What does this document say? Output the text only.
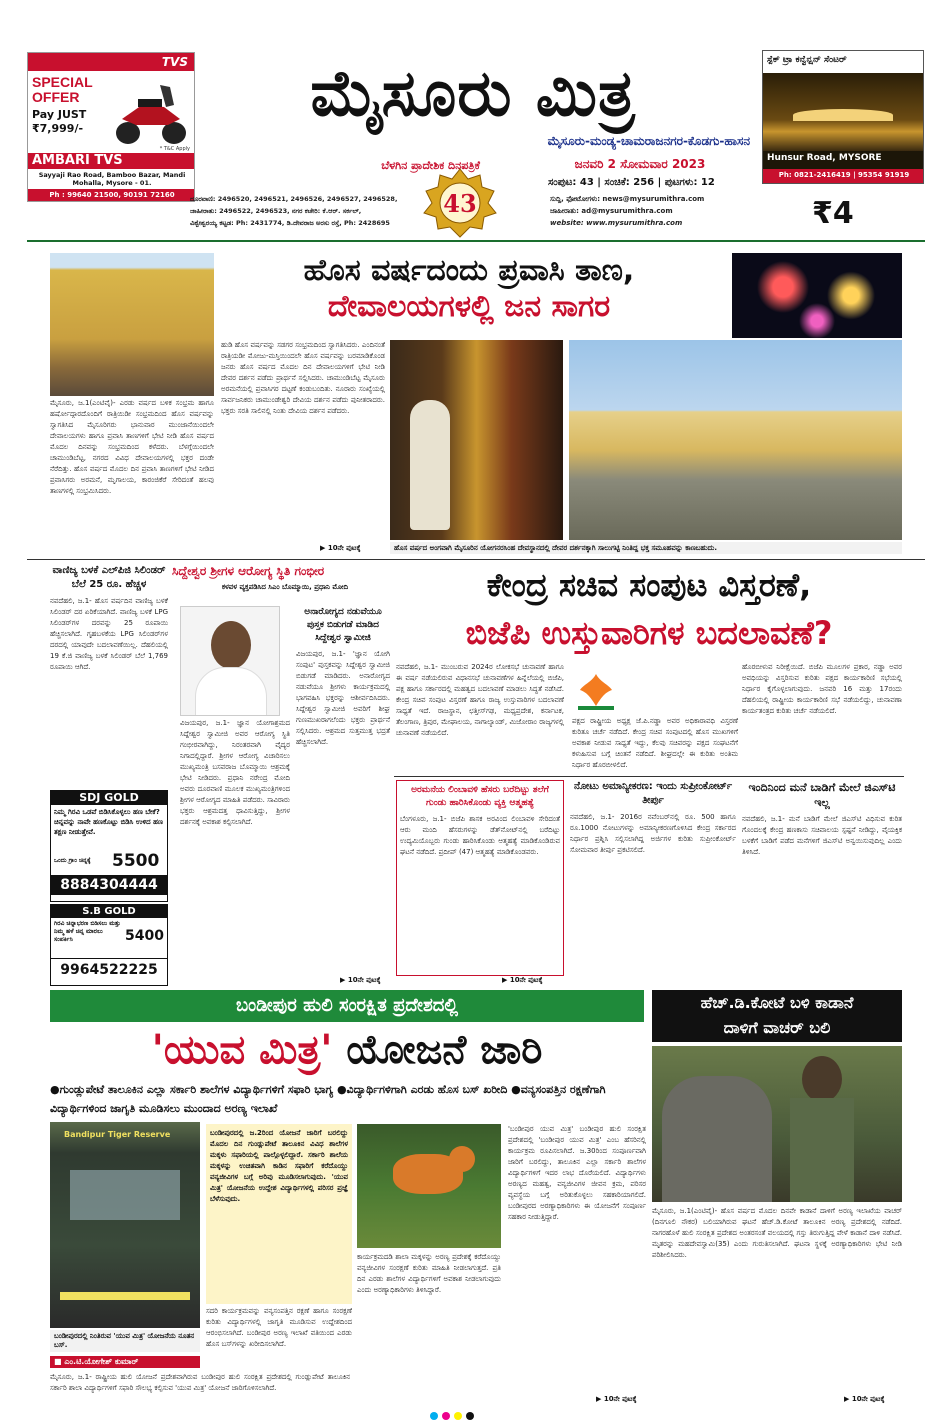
TVS
SPECIAL OFFER
Pay JUST ₹7,999/-
* T&C Apply
AMBARI TVS
Sayyaji Rao Road, Bamboo Bazar, Mandi Mohalla, Mysore - 01.
Ph : 99640 21500, 90191 72160
ಮೈಸೂರು ಮಿತ್ರ
ಮೈಸೂರು-ಮಂಡ್ಯ-ಚಾಮರಾಜನಗರ-ಕೊಡಗು-ಹಾಸನ
ಬೆಳಗಿನ ಪ್ರಾದೇಶಿಕ ದಿನಪತ್ರಿಕೆ	ಜನವರಿ 2 ಸೋಮವಾರ 2023
43
ಸಂಪುಟ: 43 | ಸಂಚಿಕೆ: 256 | ಪುಟಗಳು: 12
ದೂರವಾಣಿ: 2496520, 2496521, 2496526, 2496527, 2496528,
ಜಾಹೀರಾತು: 2496522, 2496523, ನಗರ ಕಚೇರಿ: ಕೆ.ಆರ್. ಸರ್ಕಲ್,
ವಿಶ್ವೇಶ್ವರಯ್ಯ ಕಟ್ಟಡ: Ph: 2431774, ಡಿ.ದೇವರಾಜ ಅರಸು ರಸ್ತೆ, Ph: 2428695
ಸುದ್ದಿ, ಫೋಟೋಗಳು: news@mysurumithra.com
ಜಾಹೀರಾತು: ad@mysurumithra.com
website: www.mysurumithra.com	₹4
ಸ್ಪೆಕ್ ಟ್ರಾ ಕನ್ವೆನ್ಷನ್ ಸೆಂಟರ್
Hunsur Road, MYSORE
Ph: 0821-2416419 | 95354 91919
ಹೊಸ ವರ್ಷದಂದು ಪ್ರವಾಸಿ ತಾಣ,
ದೇವಾಲಯಗಳಲ್ಲಿ ಜನ ಸಾಗರ
ಮೈಸೂರು, ಜ.1(ಎಂಟಿವೈ)- ಎರಡು ವರ್ಷದ ಬಳಿಕ ಸಂಭ್ರಮ ಹಾಗೂ ಹರ್ಷೋದ್ಗಾರದೊಂದಿಗೆ ರಾತ್ರಿಯಿಡೀ ಸಂಭ್ರಮದಿಂದ ಹೊಸ ವರ್ಷವನ್ನು ಸ್ವಾಗತಿಸಿದ ಮೈಸೂರಿಗರು ಭಾನುವಾರ ಮುಂಜಾನೆಯಿಂದಲೇ ದೇವಾಲಯಗಳು ಹಾಗೂ ಪ್ರವಾಸಿ ತಾಣಗಳಿಗೆ ಭೇಟಿ ನೀಡಿ ಹೊಸ ವರ್ಷದ ಮೊದಲ ದಿನವನ್ನು ಸಂಭ್ರಮದಿಂದ ಕಳೆದರು. ಬೆಳಗ್ಗೆಯಿಂದಲೇ ಚಾಮುಂಡಿಬೆಟ್ಟ, ನಗರದ ವಿವಿಧ ದೇವಾಲಯಗಳಲ್ಲಿ ಭಕ್ತರ ದಂಡೇ ನೆರೆದಿತ್ತು. ಹೊಸ ವರ್ಷದ ಮೊದಲ ದಿನ ಪ್ರವಾಸಿ ತಾಣಗಳಿಗೆ ಭೇಟಿ ನೀಡಿದ ಪ್ರವಾಸಿಗರು ಅರಮನೆ, ಮೃಗಾಲಯ, ಕಾರಂಜಿಕೆರೆ ಸೇರಿದಂತೆ ಹಲವು ತಾಣಗಳಲ್ಲಿ ಸಂಭ್ರಮಿಸಿದರು.
ಹುಡಿ ಹೊಸ ವರ್ಷವನ್ನು ಸಡಗರ ಸಂಭ್ರಮದಿಂದ ಸ್ವಾಗತಿಸಿದರು. ಎಂದಿನಂತೆ ರಾತ್ರಿಯಡೀ ಮೋಜು-ಮಸ್ತಿಯಿಂದಲೇ ಹೊಸ ವರ್ಷವನ್ನು ಬರಮಾಡಿಕೊಂಡ ಜನರು ಹೊಸ ವರ್ಷದ ಮೊದಲ ದಿನ ದೇವಾಲಯಗಳಿಗೆ ಭೇಟಿ ನೀಡಿ ದೇವರ ದರ್ಶನ ಪಡೆದು ಪ್ರಾರ್ಥನೆ ಸಲ್ಲಿಸಿದರು. ಚಾಮುಂಡಿಬೆಟ್ಟ ಮೈಸೂರು ಅರಮನೆಯಲ್ಲಿ ಪ್ರವಾಸಿಗರ ದಟ್ಟಣೆ ಕಂಡುಬಂದಿತು. ನೂರಾರು ಸಂಖ್ಯೆಯಲ್ಲಿ ಸಾರ್ವಜನಿಕರು ಚಾಮುಂಡೇಶ್ವರಿ ದೇವಿಯ ದರ್ಶನ ಪಡೆದು ಪುನೀತರಾದರು. ಭಕ್ತರು ಸರತಿ ಸಾಲಿನಲ್ಲಿ ನಿಂತು ದೇವಿಯ ದರ್ಶನ ಪಡೆದರು.
▶ 10ನೇ ಪುಟಕ್ಕೆ	ಹೊಸ ವರ್ಷದ ಅಂಗವಾಗಿ ಮೈಸೂರಿನ ಯೋಗನರಸಿಂಹ ದೇವಸ್ಥಾನದಲ್ಲಿ ದೇವರ ದರ್ಶನಕ್ಕಾಗಿ ಸಾಲುಗಟ್ಟಿ ನಿಂತಿದ್ದ ಭಕ್ತ ಸಮೂಹವನ್ನು ಕಾಣಬಹುದು.
ವಾಣಿಜ್ಯ ಬಳಕೆ ಎಲ್‌ಪಿಜಿ ಸಿಲಿಂಡರ್ ಬೆಲೆ 25 ರೂ. ಹೆಚ್ಚಳ
ನವದೆಹಲಿ, ಜ.1- ಹೊಸ ವರ್ಷದಿನ ವಾಣಿಜ್ಯ ಬಳಕೆ ಸಿಲಿಂಡರ್ ದರ ಏರಿಕೆಯಾಗಿದೆ. ವಾಣಿಜ್ಯ ಬಳಕೆ LPG ಸಿಲಿಂಡರ್‌ಗಳ ದರವನ್ನು 25 ರೂಪಾಯಿ ಹೆಚ್ಚಿಸಲಾಗಿದೆ. ಗೃಹಬಳಕೆಯ LPG ಸಿಲಿಂಡರ್‌ಗಳ ದರದಲ್ಲಿ ಯಾವುದೇ ಬದಲಾವಣೆಯಿಲ್ಲ. ದೆಹಲಿಯಲ್ಲಿ 19 ಕೆ.ಜಿ ವಾಣಿಜ್ಯ ಬಳಕೆ ಸಿಲಿಂಡರ್ ಬೆಲೆ 1,769 ರೂಪಾಯಿ ಆಗಿದೆ.
SDJ GOLD
ನಿಮ್ಮ ಗಿರವಿ ಒಡವೆ ಬಿಡಿಸಿಕೊಳ್ಳಲು ಹಣ ಬೇಕೆ? ಚಿನ್ನವನ್ನು ನಾವೇ ಹಣಕೊಟ್ಟು ಬಿಡಿಸಿ ಉಳಿದ ಹಣ ತಕ್ಷಣ ನೀಡುತ್ತೇವೆ.
ಒಂದು ಗ್ರಾಂ ಚಿನ್ನಕ್ಕೆ	5500
8884304444
S.B GOLD
ಗಿರವಿ ಚಿನ್ನಾಭರಣ ಬಿಡಿಸಲು ಮತ್ತು ನಿಮ್ಮ ಹಳೆ ಚಿನ್ನ ಮಾರಲು ಸಂಪರ್ಕಿಸಿ	5400
9964522225
ಸಿದ್ದೇಶ್ವರ ಶ್ರೀಗಳ ಆರೋಗ್ಯ ಸ್ಥಿತಿ ಗಂಭೀರ
ಕಳವಳ ವ್ಯಕ್ತಪಡಿಸಿದ ಸಿಎಂ ಬೊಮ್ಮಾಯಿ, ಪ್ರಧಾನಿ ಮೋದಿ
ವಿಜಯಪುರ, ಜ.1- ಜ್ಞಾನ ಯೋಗಾಶ್ರಮದ ಸಿದ್ದೇಶ್ವರ ಸ್ವಾಮೀಜಿ ಅವರ ಆರೋಗ್ಯ ಸ್ಥಿತಿ ಗಂಭೀರವಾಗಿದ್ದು, ನಿರಂತರವಾಗಿ ವೈದ್ಯರ ನಿಗಾದಲ್ಲಿದ್ದಾರೆ. ಶ್ರೀಗಳ ಆರೋಗ್ಯ ವಿಚಾರಿಸಲು ಮುಖ್ಯಮಂತ್ರಿ ಬಸವರಾಜ ಬೊಮ್ಮಾಯಿ ಆಶ್ರಮಕ್ಕೆ ಭೇಟಿ ನೀಡಿದರು. ಪ್ರಧಾನಿ ನರೇಂದ್ರ ಮೋದಿ ಅವರು ದೂರವಾಣಿ ಮೂಲಕ ಮುಖ್ಯಮಂತ್ರಿಗಳಿಂದ ಶ್ರೀಗಳ ಆರೋಗ್ಯದ ಮಾಹಿತಿ ಪಡೆದರು. ಸಾವಿರಾರು ಭಕ್ತರು ಆಶ್ರಮದತ್ತ ಧಾವಿಸುತ್ತಿದ್ದು, ಶ್ರೀಗಳ ದರ್ಶನಕ್ಕೆ ಅವಕಾಶ ಕಲ್ಪಿಸಲಾಗಿದೆ.
ಅನಾರೋಗ್ಯದ ನಡುವೆಯೂ ಪುಸ್ತಕ ಬಿಡುಗಡೆ ಮಾಡಿದ ಸಿದ್ದೇಶ್ವರ ಸ್ವಾಮೀಜಿ
ವಿಜಯಪುರ, ಜ.1- 'ಜ್ಞಾನ ಯೋಗಿ ಸಂಪುಟ' ಪುಸ್ತಕವನ್ನು ಸಿದ್ದೇಶ್ವರ ಸ್ವಾಮೀಜಿ ಬಿಡುಗಡೆ ಮಾಡಿದರು. ಅನಾರೋಗ್ಯದ ನಡುವೆಯೂ ಶ್ರೀಗಳು ಕಾರ್ಯಕ್ರಮದಲ್ಲಿ ಭಾಗವಹಿಸಿ ಭಕ್ತರನ್ನು ಆಶೀರ್ವದಿಸಿದರು. ಸಿದ್ದೇಶ್ವರ ಸ್ವಾಮೀಜಿ ಅವರಿಗೆ ಶೀಘ್ರ ಗುಣಮುಖರಾಗಲೆಂದು ಭಕ್ತರು ಪ್ರಾರ್ಥನೆ ಸಲ್ಲಿಸಿದರು. ಆಶ್ರಮದ ಸುತ್ತಮುತ್ತ ಭದ್ರತೆ ಹೆಚ್ಚಿಸಲಾಗಿದೆ.
▶ 10ನೇ ಪುಟಕ್ಕೆ
ಕೇಂದ್ರ ಸಚಿವ ಸಂಪುಟ ವಿಸ್ತರಣೆ,
ಬಿಜೆಪಿ ಉಸ್ತುವಾರಿಗಳ ಬದಲಾವಣೆ?
ನವದೆಹಲಿ, ಜ.1- ಮುಂಬರುವ 2024ರ ಲೋಕಸಭೆ ಚುನಾವಣೆ ಹಾಗೂ ಈ ವರ್ಷ ನಡೆಯಲಿರುವ ವಿಧಾನಸಭೆ ಚುನಾವಣೆಗಳ ಹಿನ್ನೆಲೆಯಲ್ಲಿ ಬಿಜೆಪಿ, ಪಕ್ಷ ಹಾಗೂ ಸರ್ಕಾರದಲ್ಲಿ ಮಹತ್ವದ ಬದಲಾವಣೆ ಮಾಡಲು ಸಿದ್ಧತೆ ನಡೆಸಿದೆ. ಕೇಂದ್ರ ಸಚಿವ ಸಂಪುಟ ವಿಸ್ತರಣೆ ಹಾಗೂ ರಾಜ್ಯ ಉಸ್ತುವಾರಿಗಳ ಬದಲಾವಣೆ ಸಾಧ್ಯತೆ ಇದೆ. ರಾಜಸ್ಥಾನ, ಛತ್ತೀಸ್‌ಗಢ, ಮಧ್ಯಪ್ರದೇಶ, ಕರ್ನಾಟಕ, ತೆಲಂಗಾಣ, ತ್ರಿಪುರ, ಮೇಘಾಲಯ, ನಾಗಾಲ್ಯಾಂಡ್, ಮಿಜೋರಾಂ ರಾಜ್ಯಗಳಲ್ಲಿ ಚುನಾವಣೆ ನಡೆಯಲಿದೆ.
ಪಕ್ಷದ ರಾಷ್ಟ್ರೀಯ ಅಧ್ಯಕ್ಷ ಜೆ.ಪಿ.ನಡ್ಡಾ ಅವರ ಅಧಿಕಾರಾವಧಿ ವಿಸ್ತರಣೆ ಕುರಿತೂ ಚರ್ಚೆ ನಡೆದಿದೆ. ಕೇಂದ್ರ ಸಚಿವ ಸಂಪುಟದಲ್ಲಿ ಹೊಸ ಮುಖಗಳಿಗೆ ಅವಕಾಶ ನೀಡುವ ಸಾಧ್ಯತೆ ಇದ್ದು, ಕೆಲವು ಸಚಿವರನ್ನು ಪಕ್ಷದ ಸಂಘಟನೆಗೆ ಕಳುಹಿಸುವ ಬಗ್ಗೆ ಚಿಂತನೆ ನಡೆದಿದೆ. ಶೀಘ್ರದಲ್ಲೇ ಈ ಕುರಿತು ಅಂತಿಮ ನಿರ್ಧಾರ ಹೊರಬೀಳಲಿದೆ.
ಹೊರಬೀಳುವ ನಿರೀಕ್ಷೆಯಿದೆ. ಬಿಜೆಪಿ ಮೂಲಗಳ ಪ್ರಕಾರ, ನಡ್ಡಾ ಅವರ ಅವಧಿಯನ್ನು ವಿಸ್ತರಿಸುವ ಕುರಿತು ಪಕ್ಷದ ಕಾರ್ಯಕಾರಿಣಿ ಸಭೆಯಲ್ಲಿ ನಿರ್ಧಾರ ಕೈಗೊಳ್ಳಲಾಗುವುದು. ಜನವರಿ 16 ಮತ್ತು 17ರಂದು ದೆಹಲಿಯಲ್ಲಿ ರಾಷ್ಟ್ರೀಯ ಕಾರ್ಯಕಾರಿಣಿ ಸಭೆ ನಡೆಯಲಿದ್ದು, ಚುನಾವಣಾ ಕಾರ್ಯತಂತ್ರದ ಕುರಿತು ಚರ್ಚೆ ನಡೆಯಲಿದೆ.
ಅರಮನೆಯ ಲಿಂಬಾವಳಿ ಹೆಸರು ಬರೆದಿಟ್ಟು ತಲೆಗೆ ಗುಂಡು ಹಾರಿಸಿಕೊಂಡು ವ್ಯಕ್ತಿ ಆತ್ಮಹತ್ಯೆ
ಬೆಂಗಳೂರು, ಜ.1- ಬಿಜೆಪಿ ಶಾಸಕ ಅರವಿಂದ ಲಿಂಬಾವಳಿ ಸೇರಿದಂತೆ ಆರು ಮಂದಿ ಹೆಸರುಗಳನ್ನು ಡೆತ್‌ನೋಟ್‌ನಲ್ಲಿ ಬರೆದಿಟ್ಟು ಉದ್ಯಮಿಯೊಬ್ಬರು ಗುಂಡು ಹಾರಿಸಿಕೊಂಡು ಆತ್ಮಹತ್ಯೆ ಮಾಡಿಕೊಂಡಿರುವ ಘಟನೆ ನಡೆದಿದೆ. ಪ್ರದೀಪ್ (47) ಆತ್ಮಹತ್ಯೆ ಮಾಡಿಕೊಂಡವರು.
ನೋಟು ಅಮಾನ್ಯೀಕರಣ: ಇಂದು ಸುಪ್ರೀಂಕೋರ್ಟ್ ತೀರ್ಪು
ನವದೆಹಲಿ, ಜ.1- 2016ರ ನವೆಂಬರ್‌ನಲ್ಲಿ ರೂ. 500 ಹಾಗೂ ರೂ.1000 ನೋಟುಗಳನ್ನು ಅಮಾನ್ಯೀಕರಣಗೊಳಿಸಿದ ಕೇಂದ್ರ ಸರ್ಕಾರದ ನಿರ್ಧಾರ ಪ್ರಶ್ನಿಸಿ ಸಲ್ಲಿಸಲಾಗಿದ್ದ ಅರ್ಜಿಗಳ ಕುರಿತು ಸುಪ್ರೀಂಕೋರ್ಟ್ ಸೋಮವಾರ ತೀರ್ಪು ಪ್ರಕಟಿಸಲಿದೆ.
ಇಂದಿನಿಂದ ಮನೆ ಬಾಡಿಗೆ ಮೇಲೆ ಜಿಎಸ್‌ಟಿ ಇಲ್ಲ
ನವದೆಹಲಿ, ಜ.1- ಮನೆ ಬಾಡಿಗೆ ಮೇಲೆ ಜಿಎಸ್‌ಟಿ ವಿಧಿಸುವ ಕುರಿತ ಗೊಂದಲಕ್ಕೆ ಕೇಂದ್ರ ಹಣಕಾಸು ಸಚಿವಾಲಯ ಸ್ಪಷ್ಟನೆ ನೀಡಿದ್ದು, ವೈಯಕ್ತಿಕ ಬಳಕೆಗೆ ಬಾಡಿಗೆ ಪಡೆದ ಮನೆಗಳಿಗೆ ಜಿಎಸ್‌ಟಿ ಅನ್ವಯಿಸುವುದಿಲ್ಲ ಎಂದು ತಿಳಿಸಿದೆ.
▶ 10ನೇ ಪುಟಕ್ಕೆ
ಬಂಡೀಪುರ ಹುಲಿ ಸಂರಕ್ಷಿತ ಪ್ರದೇಶದಲ್ಲಿ
'ಯುವ ಮಿತ್ರ' ಯೋಜನೆ ಜಾರಿ
●ಗುಂಡ್ಲುಪೇಟೆ ತಾಲೂಕಿನ ಎಲ್ಲಾ ಸರ್ಕಾರಿ ಶಾಲೆಗಳ ವಿದ್ಯಾರ್ಥಿಗಳಿಗೆ ಸಫಾರಿ ಭಾಗ್ಯ ●ವಿದ್ಯಾರ್ಥಿಗಳಿಗಾಗಿ ಎರಡು ಹೊಸ ಬಸ್ ಖರೀದಿ ●ವನ್ಯಸಂಪತ್ತಿನ ರಕ್ಷಣೆಗಾಗಿ ವಿದ್ಯಾರ್ಥಿಗಳಿಂದ ಜಾಗೃತಿ ಮೂಡಿಸಲು ಮುಂದಾದ ಅರಣ್ಯ ಇಲಾಖೆ
Bandipur Tiger Reserve
ಬಂಡೀಪುರದಲ್ಲಿ ನಿಂತಿರುವ 'ಯುವ ಮಿತ್ರ' ಯೋಜನೆಯ ನೂತನ ಬಸ್.
■ ಎಂ.ಟಿ.ಯೋಗೇಶ್ ಕುಮಾರ್
ಮೈಸೂರು, ಜ.1- ರಾಷ್ಟ್ರೀಯ ಹುಲಿ ಯೋಜನೆ ಪ್ರದೇಶವಾಗಿರುವ ಬಂಡೀಪುರ ಹುಲಿ ಸಂರಕ್ಷಿತ ಪ್ರದೇಶದಲ್ಲಿ ಗುಂಡ್ಲುಪೇಟೆ ತಾಲೂಕಿನ ಸರ್ಕಾರಿ ಶಾಲಾ ವಿದ್ಯಾರ್ಥಿಗಳಿಗೆ ಸಫಾರಿ ಸೌಲಭ್ಯ ಕಲ್ಪಿಸುವ 'ಯುವ ಮಿತ್ರ' ಯೋಜನೆ ಜಾರಿಗೊಳಿಸಲಾಗಿದೆ.
ಬಂಡೀಪುರದಲ್ಲಿ ಜ.2ರಿಂದ ಯೋಜನೆ ಜಾರಿಗೆ ಬರಲಿದ್ದು ಮೊದಲ ದಿನ ಗುಂಡ್ಲುಪೇಟೆ ತಾಲೂಕಿನ ವಿವಿಧ ಶಾಲೆಗಳ ಮಕ್ಕಳು ಸಫಾರಿಯಲ್ಲಿ ಪಾಲ್ಗೊಳ್ಳಲಿದ್ದಾರೆ. ಸರ್ಕಾರಿ ಶಾಲೆಯ ಮಕ್ಕಳನ್ನು ಉಚಿತವಾಗಿ ಕಾಡಿನ ಸಫಾರಿಗೆ ಕರೆದೊಯ್ದು ವನ್ಯಜೀವಿಗಳ ಬಗ್ಗೆ ಅರಿವು ಮೂಡಿಸಲಾಗುವುದು. 'ಯುವ ಮಿತ್ರ' ಯೋಜನೆಯ ಉದ್ದೇಶ ವಿದ್ಯಾರ್ಥಿಗಳಲ್ಲಿ ಪರಿಸರ ಪ್ರಜ್ಞೆ ಬೆಳೆಸುವುದು.
ಸದರಿ ಕಾರ್ಯಕ್ರಮವನ್ನು ವನ್ಯಸಂಪತ್ತಿನ ರಕ್ಷಣೆ ಹಾಗೂ ಸಂರಕ್ಷಣೆ ಕುರಿತು ವಿದ್ಯಾರ್ಥಿಗಳಲ್ಲಿ ಜಾಗೃತಿ ಮೂಡಿಸುವ ಉದ್ದೇಶದಿಂದ ಆರಂಭಿಸಲಾಗಿದೆ. ಬಂಡೀಪುರ ಅರಣ್ಯ ಇಲಾಖೆ ವತಿಯಿಂದ ಎರಡು ಹೊಸ ಬಸ್‌ಗಳನ್ನು ಖರೀದಿಸಲಾಗಿದೆ.
ಕಾರ್ಯಕ್ರಮದಡಿ ಶಾಲಾ ಮಕ್ಕಳನ್ನು ಅರಣ್ಯ ಪ್ರದೇಶಕ್ಕೆ ಕರೆದೊಯ್ದು ವನ್ಯಜೀವಿಗಳ ಸಂರಕ್ಷಣೆ ಕುರಿತು ಮಾಹಿತಿ ನೀಡಲಾಗುತ್ತದೆ. ಪ್ರತಿ ದಿನ ಎರಡು ಶಾಲೆಗಳ ವಿದ್ಯಾರ್ಥಿಗಳಿಗೆ ಅವಕಾಶ ನೀಡಲಾಗುವುದು ಎಂದು ಅರಣ್ಯಾಧಿಕಾರಿಗಳು ತಿಳಿಸಿದ್ದಾರೆ.
'ಬಂಡೀಪುರ ಯುವ ಮಿತ್ರ' ಬಂಡೀಪುರ ಹುಲಿ ಸಂರಕ್ಷಿತ ಪ್ರದೇಶದಲ್ಲಿ 'ಬಂಡೀಪುರ ಯುವ ಮಿತ್ರ' ಎಂಬ ಹೆಸರಿನಲ್ಲಿ ಕಾರ್ಯಕ್ರಮ ರೂಪಿಸಲಾಗಿದೆ. ಜ.30ರಿಂದ ಸಂಪೂರ್ಣವಾಗಿ ಜಾರಿಗೆ ಬರಲಿದ್ದು, ತಾಲೂಕಿನ ಎಲ್ಲಾ ಸರ್ಕಾರಿ ಶಾಲೆಗಳ ವಿದ್ಯಾರ್ಥಿಗಳಿಗೆ ಇದರ ಲಾಭ ದೊರೆಯಲಿದೆ. ವಿದ್ಯಾರ್ಥಿಗಳು ಅರಣ್ಯದ ಮಹತ್ವ, ವನ್ಯಜೀವಿಗಳ ಜೀವನ ಕ್ರಮ, ಪರಿಸರ ವ್ಯವಸ್ಥೆಯ ಬಗ್ಗೆ ಅರಿತುಕೊಳ್ಳಲು ಸಹಕಾರಿಯಾಗಲಿದೆ. ಬಂಡೀಪುರದ ಅರಣ್ಯಾಧಿಕಾರಿಗಳು ಈ ಯೋಜನೆಗೆ ಸಂಪೂರ್ಣ ಸಹಕಾರ ನೀಡುತ್ತಿದ್ದಾರೆ.
▶ 10ನೇ ಪುಟಕ್ಕೆ
ಹೆಚ್.ಡಿ.ಕೋಟೆ ಬಳಿ ಕಾಡಾನೆ
ದಾಳಿಗೆ ವಾಚರ್ ಬಲಿ
ಮೈಸೂರು, ಜ.1(ಎಂಟಿವೈ)- ಹೊಸ ವರ್ಷದ ಮೊದಲ ದಿನವೇ ಕಾಡಾನೆ ದಾಳಿಗೆ ಅರಣ್ಯ ಇಲಾಖೆಯ ವಾಚರ್ (ದಿನಗೂಲಿ ನೌಕರ) ಬಲಿಯಾಗಿರುವ ಘಟನೆ ಹೆಚ್.ಡಿ.ಕೋಟೆ ತಾಲೂಕಿನ ಅರಣ್ಯ ಪ್ರದೇಶದಲ್ಲಿ ನಡೆದಿದೆ. ನಾಗರಹೊಳೆ ಹುಲಿ ಸಂರಕ್ಷಿತ ಪ್ರದೇಶದ ಅಂತರಸಂತೆ ವಲಯದಲ್ಲಿ ಗಸ್ತು ತಿರುಗುತ್ತಿದ್ದ ವೇಳೆ ಕಾಡಾನೆ ದಾಳಿ ನಡೆಸಿದೆ. ಮೃತರನ್ನು ಮಹದೇವಸ್ವಾಮಿ(35) ಎಂದು ಗುರುತಿಸಲಾಗಿದೆ. ಘಟನಾ ಸ್ಥಳಕ್ಕೆ ಅರಣ್ಯಾಧಿಕಾರಿಗಳು ಭೇಟಿ ನೀಡಿ ಪರಿಶೀಲಿಸಿದರು.
▶ 10ನೇ ಪುಟಕ್ಕೆ
